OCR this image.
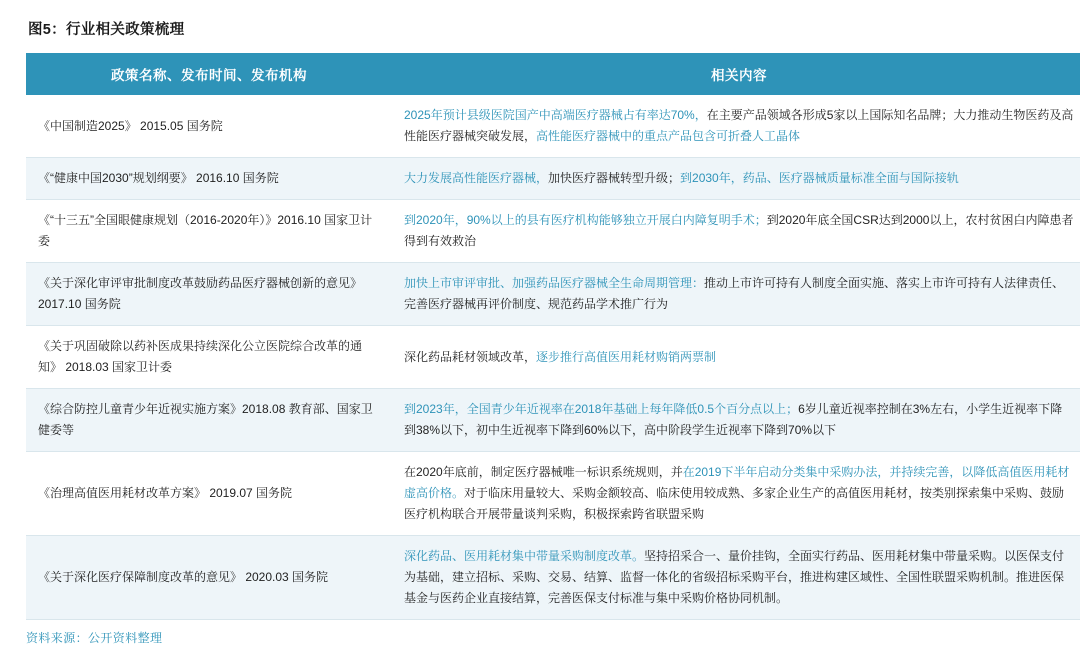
图5：行业相关政策梳理
政策名称、发布时间、发布机构	相关内容
《中国制造2025》 2015.05 国务院	2025年预计县级医院国产中高端医疗器械占有率达70%，在主要产品领域各形成5家以上国际知名品牌；大力推动生物医药及高性能医疗器械突破发展，高性能医疗器械中的重点产品包含可折叠人工晶体
《“健康中国2030”规划纲要》 2016.10 国务院	大力发展高性能医疗器械，加快医疗器械转型升级；到2030年，药品、医疗器械质量标准全面与国际接轨
《“十三五”全国眼健康规划（2016-2020年）》2016.10 国家卫计委	到2020年，90%以上的县有医疗机构能够独立开展白内障复明手术；到2020年底全国CSR达到2000以上，农村贫困白内障患者得到有效救治
《关于深化审评审批制度改革鼓励药品医疗器械创新的意见》2017.10 国务院	加快上市审评审批、加强药品医疗器械全生命周期管理：推动上市许可持有人制度全面实施、落实上市许可持有人法律责任、完善医疗器械再评价制度、规范药品学术推广行为
《关于巩固破除以药补医成果持续深化公立医院综合改革的通知》 2018.03 国家卫计委	深化药品耗材领域改革，逐步推行高值医用耗材购销两票制
《综合防控儿童青少年近视实施方案》2018.08 教育部、国家卫健委等	到2023年，全国青少年近视率在2018年基础上每年降低0.5个百分点以上；6岁儿童近视率控制在3%左右，小学生近视率下降到38%以下，初中生近视率下降到60%以下，高中阶段学生近视率下降到70%以下
《治理高值医用耗材改革方案》 2019.07 国务院	在2020年底前，制定医疗器械唯一标识系统规则，并在2019下半年启动分类集中采购办法，并持续完善，以降低高值医用耗材虚高价格。对于临床用量较大、采购金额较高、临床使用较成熟、多家企业生产的高值医用耗材，按类别探索集中采购、鼓励医疗机构联合开展带量谈判采购，积极探索跨省联盟采购
《关于深化医疗保障制度改革的意见》 2020.03 国务院	深化药品、医用耗材集中带量采购制度改革。坚持招采合一、量价挂钩，全面实行药品、医用耗材集中带量采购。以医保支付为基础，建立招标、采购、交易、结算、监督一体化的省级招标采购平台，推进构建区域性、全国性联盟采购机制。推进医保基金与医药企业直接结算，完善医保支付标准与集中采购价格协同机制。
资料来源：公开资料整理
